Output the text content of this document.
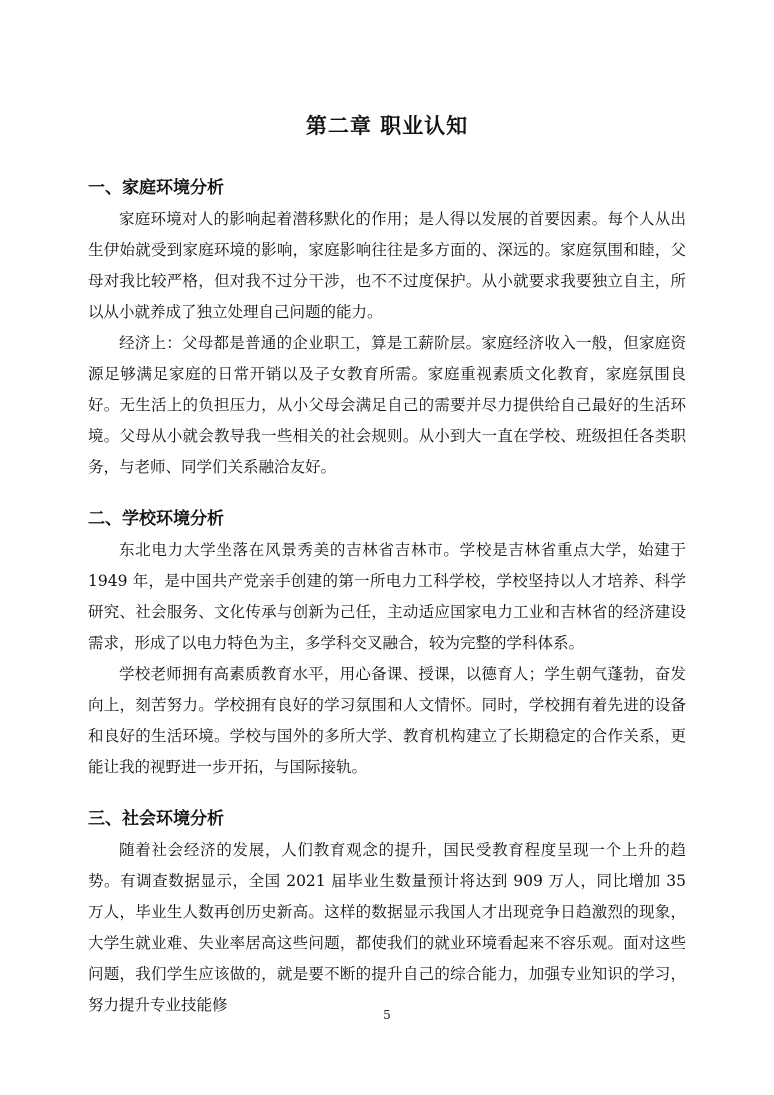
第二章 职业认知
一、家庭环境分析

家庭环境对人的影响起着潜移默化的作用；是人得以发展的首要因素。每个人从出生伊始就受到家庭环境的影响，家庭影响往往是多方面的、深远的。家庭氛围和睦，父母对我比较严格，但对我不过分干涉，也不不过度保护。从小就要求我要独立自主，所以从小就养成了独立处理自己问题的能力。

经济上：父母都是普通的企业职工，算是工薪阶层。家庭经济收入一般，但家庭资源足够满足家庭的日常开销以及子女教育所需。家庭重视素质文化教育，家庭氛围良好。无生活上的负担压力，从小父母会满足自己的需要并尽力提供给自己最好的生活环境。父母从小就会教导我一些相关的社会规则。从小到大一直在学校、班级担任各类职务，与老师、同学们关系融洽友好。

二、学校环境分析

东北电力大学坐落在风景秀美的吉林省吉林市。学校是吉林省重点大学，始建于 1949 年，是中国共产党亲手创建的第一所电力工科学校，学校坚持以人才培养、科学研究、社会服务、文化传承与创新为己任，主动适应国家电力工业和吉林省的经济建设需求，形成了以电力特色为主，多学科交叉融合，较为完整的学科体系。

学校老师拥有高素质教育水平，用心备课、授课，以德育人；学生朝气蓬勃，奋发向上，刻苦努力。学校拥有良好的学习氛围和人文情怀。同时，学校拥有着先进的设备和良好的生活环境。学校与国外的多所大学、教育机构建立了长期稳定的合作关系，更能让我的视野进一步开拓，与国际接轨。

三、社会环境分析

随着社会经济的发展，人们教育观念的提升，国民受教育程度呈现一个上升的趋势。有调查数据显示，全国 2021 届毕业生数量预计将达到 909 万人，同比增加 35 万人，毕业生人数再创历史新高。这样的数据显示我国人才出现竞争日趋激烈的现象，大学生就业难、失业率居高这些问题，都使我们的就业环境看起来不容乐观。面对这些问题，我们学生应该做的，就是要不断的提升自己的综合能力，加强专业知识的学习，努力提升专业技能修

5
